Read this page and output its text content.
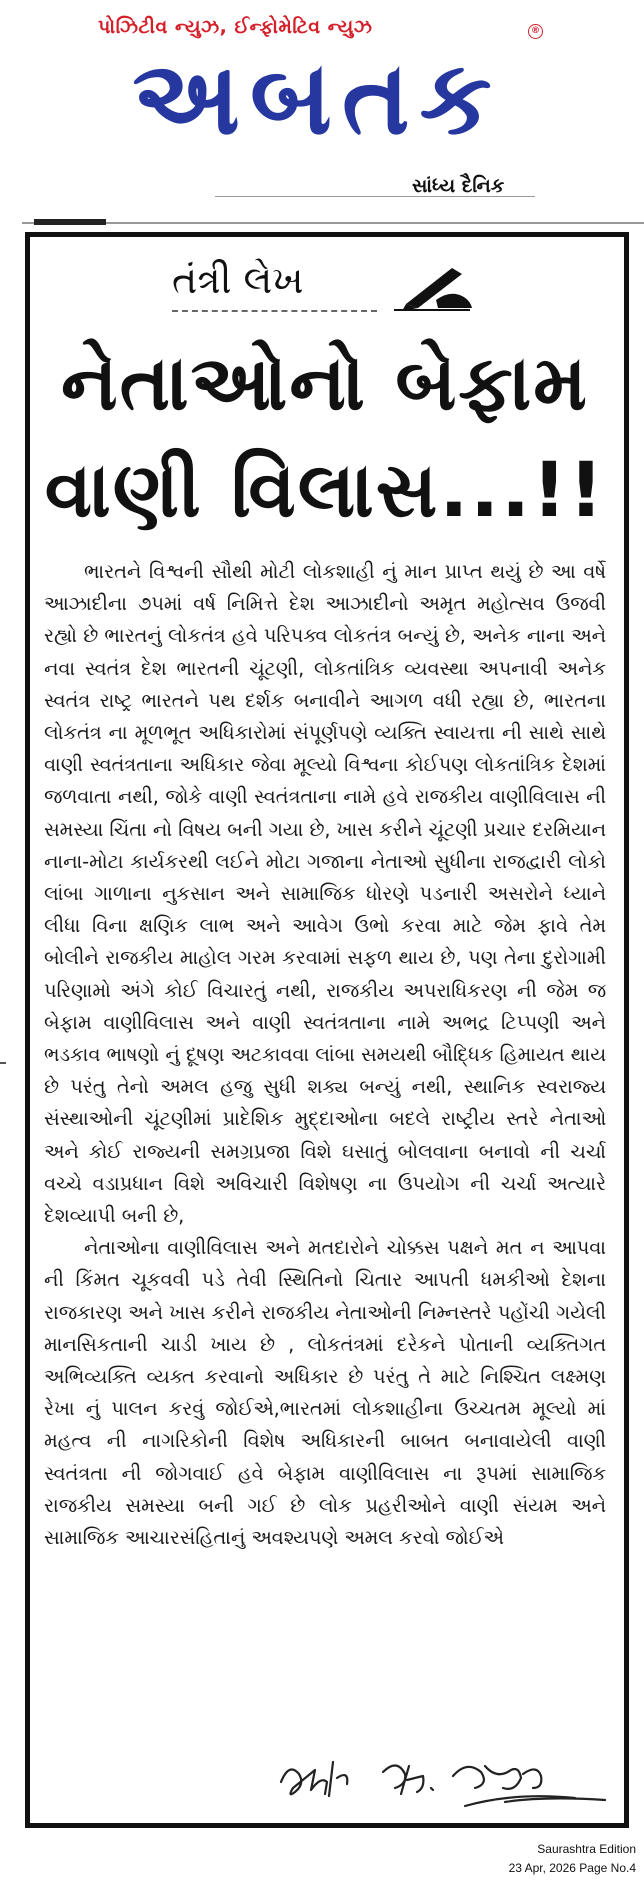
પોઝિટીવ ન્યુઝ, ઈન્ફોમેટિવ ન્યુઝ	®
અબતક
સાંધ્ય દૈનિક
તંત્રી લેખ
નેતાઓનો બેફામ
વાણી વિલાસ...!!

ભારતને વિશ્વની સૌથી મોટી લોકશાહી નું માન પ્રાપ્ત થયું છે આ વર્ષે આઝાદીના ૭૫માં વર્ષ નિમિત્તે દેશ આઝાદીનો અમૃત મહોત્સવ ઉજવી રહ્યો છે ભારતનું લોકતંત્ર હવે પરિપક્વ લોકતંત્ર બન્યું છે, અનેક નાના અને નવા સ્વતંત્ર દેશ ભારતની ચૂંટણી, લોકતાંત્રિક વ્યવસ્થા અપનાવી અનેક સ્વતંત્ર રાષ્ટ્ર ભારતને પથ દર્શક બનાવીને આગળ વધી રહ્યા છે, ભારતના લોકતંત્ર ના મૂળભૂત અધિકારોમાં સંપૂર્ણપણે વ્યક્તિ સ્વાયત્તા ની સાથે સાથે વાણી સ્વતંત્રતાના અધિકાર જેવા મૂલ્યો વિશ્વના કોઈપણ લોકતાંત્રિક દેશમાં જળવાતા નથી, જોકે વાણી સ્વતંત્રતાના નામે હવે રાજકીય વાણીવિલાસ ની સમસ્યા ચિંતા નો વિષય બની ગયા છે, ખાસ કરીને ચૂંટણી પ્રચાર દરમિયાન નાના-મોટા કાર્યકરથી લઈને મોટા ગજાના નેતાઓ સુધીના રાજદ્વારી લોકો લાંબા ગાળાના નુકસાન અને સામાજિક ધોરણે પડનારી અસરોને ધ્યાને લીધા વિના ક્ષણિક લાભ અને આવેગ ઉભો કરવા માટે જેમ ફાવે તેમ બોલીને રાજકીય માહોલ ગરમ કરવામાં સફળ થાય છે, પણ તેના દુરોગામી પરિણામો અંગે કોઈ વિચારતું નથી, રાજકીય અપરાધિકરણ ની જેમ જ બેફામ વાણીવિલાસ અને વાણી સ્વતંત્રતાના નામે અભદ્ર ટિપ્પણી અને ભડકાવ ભાષણો નું દૂષણ અટકાવવા લાંબા સમયથી બૌદ્ધિક હિમાયત થાય છે પરંતુ તેનો અમલ હજુ સુધી શક્ય બન્યું નથી, સ્થાનિક સ્વરાજ્ય સંસ્થાઓની ચૂંટણીમાં પ્રાદેશિક મુદ્દાઓના બદલે રાષ્ટ્રીય સ્તરે નેતાઓ અને કોઈ રાજ્યની સમગ્રપ્રજા વિશે ઘસાતું બોલવાના બનાવો ની ચર્ચા વચ્ચે વડાપ્રધાન વિશે અવિચારી વિશેષણ ના ઉપયોગ ની ચર્ચા અત્યારે દેશવ્યાપી બની છે,

નેતાઓના વાણીવિલાસ અને મતદારોને ચોક્કસ પક્ષને મત ન આપવા ની કિંમત ચૂકવવી પડે તેવી સ્થિતિનો ચિતાર આપતી ધમકીઓ દેશના રાજકારણ અને ખાસ કરીને રાજકીય નેતાઓની નિમ્નસ્તરે પહોંચી ગયેલી માનસિકતાની ચાડી ખાય છે , લોકતંત્રમાં દરેકને પોતાની વ્યક્તિગત અભિવ્યક્તિ વ્યક્ત કરવાનો અધિકાર છે પરંતુ તે માટે નિશ્ચિત લક્ષ્મણ રેખા નું પાલન કરવું જોઈએ,ભારતમાં લોકશાહીના ઉચ્ચતમ મૂલ્યો માં મહત્વ ની નાગરિકોની વિશેષ અધિકારની બાબત બનાવાયેલી વાણી સ્વતંત્રતા ની જોગવાઈ હવે બેફામ વાણીવિલાસ ના રૂપમાં સામાજિક રાજકીય સમસ્યા બની ગઈ છે લોક પ્રહરીઓને વાણી સંયમ અને સામાજિક આચારસંહિતાનું અવશ્યપણે અમલ કરવો જોઈએ

Saurashtra Edition
23 Apr, 2026 Page No.4
